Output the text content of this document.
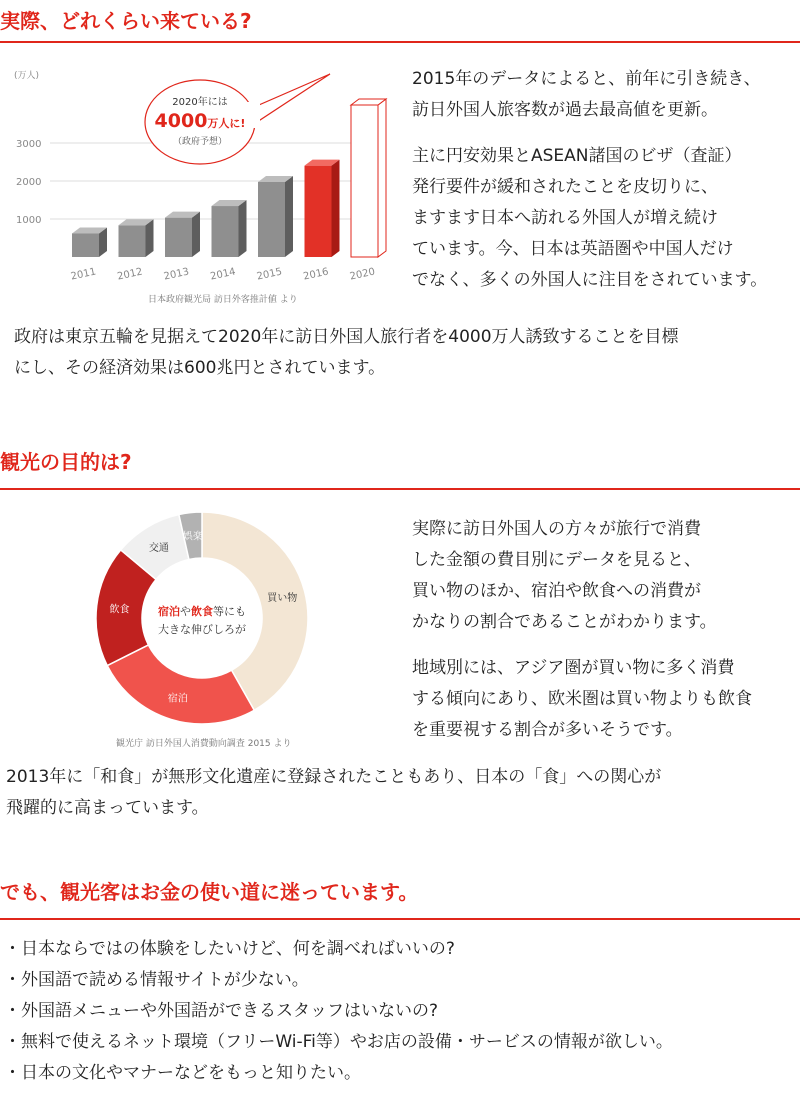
実際、どれくらい来ている?
1000
2000
3000
(万人)
2011 2012 2013 2014 2015 2016 2020
2020年には
4000万人に!
（政府予想）
日本政府観光局 訪日外客推計値 より
2015年のデータによると、前年に引き続き、
訪日外国人旅客数が過去最高値を更新。
主に円安効果とASEAN諸国のビザ（査証）
発行要件が緩和されたことを皮切りに、
ますます日本へ訪れる外国人が増え続け
ています。今、日本は英語圏や中国人だけ
でなく、多くの外国人に注目をされています。
政府は東京五輪を見据えて2020年に訪日外国人旅行者を4000万人誘致することを目標
にし、その経済効果は600兆円とされています。
観光の目的は?
買い物
宿泊
飲食
交通
娯楽
宿泊や飲食等にも
大きな伸びしろが
観光庁 訪日外国人消費動向調査 2015 より
実際に訪日外国人の方々が旅行で消費
した金額の費目別にデータを見ると、
買い物のほか、宿泊や飲食への消費が
かなりの割合であることがわかります。
地域別には、アジア圏が買い物に多く消費
する傾向にあり、欧米圏は買い物よりも飲食
を重要視する割合が多いそうです。
2013年に「和食」が無形文化遺産に登録されたこともあり、日本の「食」への関心が
飛躍的に高まっています。
でも、観光客はお金の使い道に迷っています。
・ 日本ならではの体験をしたいけど、何を調べればいいの?
・ 外国語で読める情報サイトが少ない。
・ 外国語メニューや外国語ができるスタッフはいないの?
・ 無料で使えるネット環境（フリーWi-Fi等）やお店の設備・サービスの情報が欲しい。
・ 日本の文化やマナーなどをもっと知りたい。
